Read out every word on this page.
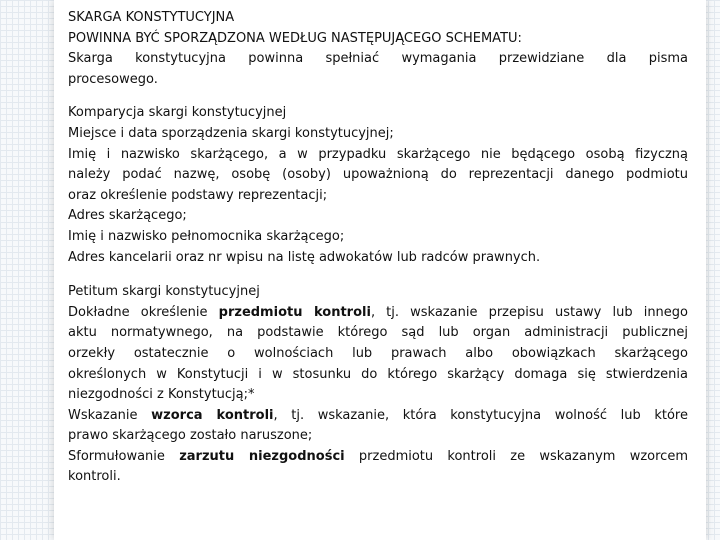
SKARGA KONSTYTUCYJNA
POWINNA BYĆ SPORZĄDZONA WEDŁUG NASTĘPUJĄCEGO SCHEMATU:
Skarga konstytucyjna powinna spełniać wymagania przewidziane dla pisma
procesowego.
Komparycja skargi konstytucyjnej
Miejsce i data sporządzenia skargi konstytucyjnej;
Imię i nazwisko skarżącego, a w przypadku skarżącego nie będącego osobą fizyczną
należy podać nazwę, osobę (osoby) upoważnioną do reprezentacji danego podmiotu
oraz określenie podstawy reprezentacji;
Adres skarżącego;
Imię i nazwisko pełnomocnika skarżącego;
Adres kancelarii oraz nr wpisu na listę adwokatów lub radców prawnych.
Petitum skargi konstytucyjnej
Dokładne określenie przedmiotu kontroli, tj. wskazanie przepisu ustawy lub innego
aktu normatywnego, na podstawie którego sąd lub organ administracji publicznej
orzekły ostatecznie o wolnościach lub prawach albo obowiązkach skarżącego
określonych w Konstytucji i w stosunku do którego skarżący domaga się stwierdzenia
niezgodności z Konstytucją;*
Wskazanie wzorca kontroli, tj. wskazanie, która konstytucyjna wolność lub które
prawo skarżącego zostało naruszone;
Sformułowanie zarzutu niezgodności przedmiotu kontroli ze wskazanym wzorcem
kontroli.
